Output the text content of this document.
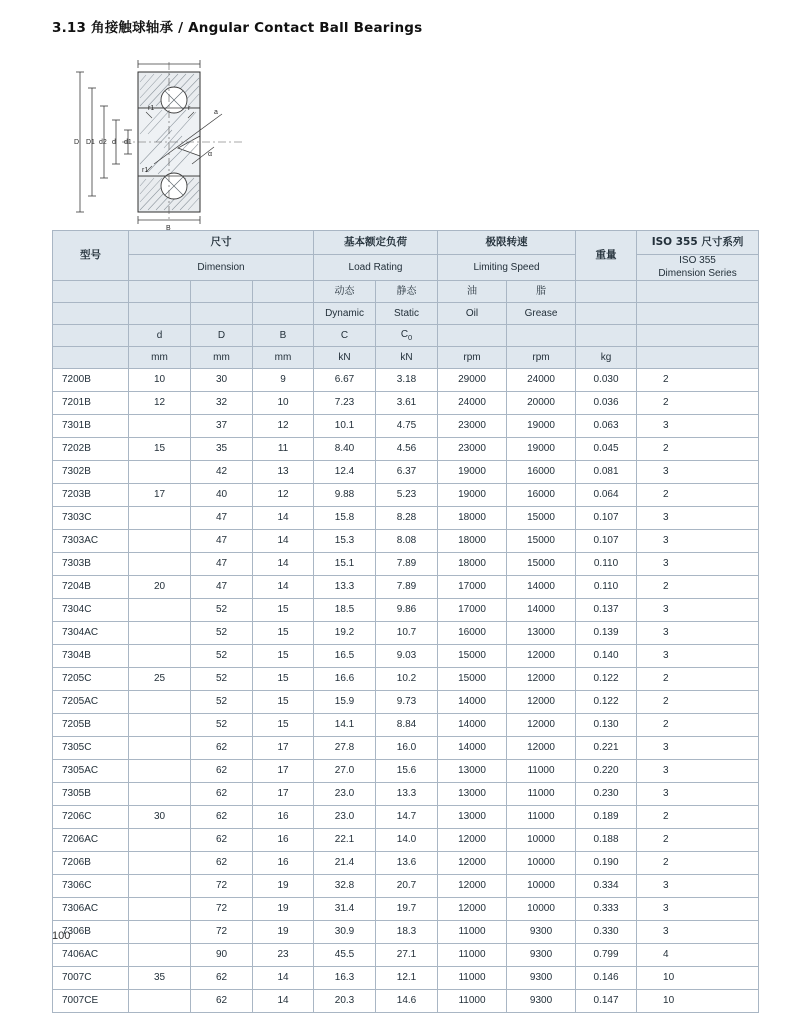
3.13 角接触球轴承 / Angular Contact Ball Bearings
D D1 d2 d d1
B
r1	r
r1
a
α
型号	尺寸			基本额定负荷		极限转速		重量	ISO 355 尺寸系列
	Dimension			Load Rating		Limiting Speed			ISO 355
Dimension Series
				动态	静态	油	脂		
				Dynamic	Static	Oil	Grease		
	d	D	B	C	$C_0$				
	mm	mm	mm	kN	kN	rpm	rpm	kg	
7200B	10	30	9	6.67	3.18	29000	24000	0.030	2
7201B	12	32	10	7.23	3.61	24000	20000	0.036	2
7301B		37	12	10.1	4.75	23000	19000	0.063	3
7202B	15	35	11	8.40	4.56	23000	19000	0.045	2
7302B		42	13	12.4	6.37	19000	16000	0.081	3
7203B	17	40	12	9.88	5.23	19000	16000	0.064	2
7303C		47	14	15.8	8.28	18000	15000	0.107	3
7303AC		47	14	15.3	8.08	18000	15000	0.107	3
7303B		47	14	15.1	7.89	18000	15000	0.110	3
7204B	20	47	14	13.3	7.89	17000	14000	0.110	2
7304C		52	15	18.5	9.86	17000	14000	0.137	3
7304AC		52	15	19.2	10.7	16000	13000	0.139	3
7304B		52	15	16.5	9.03	15000	12000	0.140	3
7205C	25	52	15	16.6	10.2	15000	12000	0.122	2
7205AC		52	15	15.9	9.73	14000	12000	0.122	2
7205B		52	15	14.1	8.84	14000	12000	0.130	2
7305C		62	17	27.8	16.0	14000	12000	0.221	3
7305AC		62	17	27.0	15.6	13000	11000	0.220	3
7305B		62	17	23.0	13.3	13000	11000	0.230	3
7206C	30	62	16	23.0	14.7	13000	11000	0.189	2
7206AC		62	16	22.1	14.0	12000	10000	0.188	2
7206B		62	16	21.4	13.6	12000	10000	0.190	2
7306C		72	19	32.8	20.7	12000	10000	0.334	3
7306AC		72	19	31.4	19.7	12000	10000	0.333	3
7306B		72	19	30.9	18.3	11000	9300	0.330	3
7406AC		90	23	45.5	27.1	11000	9300	0.799	4
7007C	35	62	14	16.3	12.1	11000	9300	0.146	10
7007CE		62	14	20.3	14.6	11000	9300	0.147	10
100
